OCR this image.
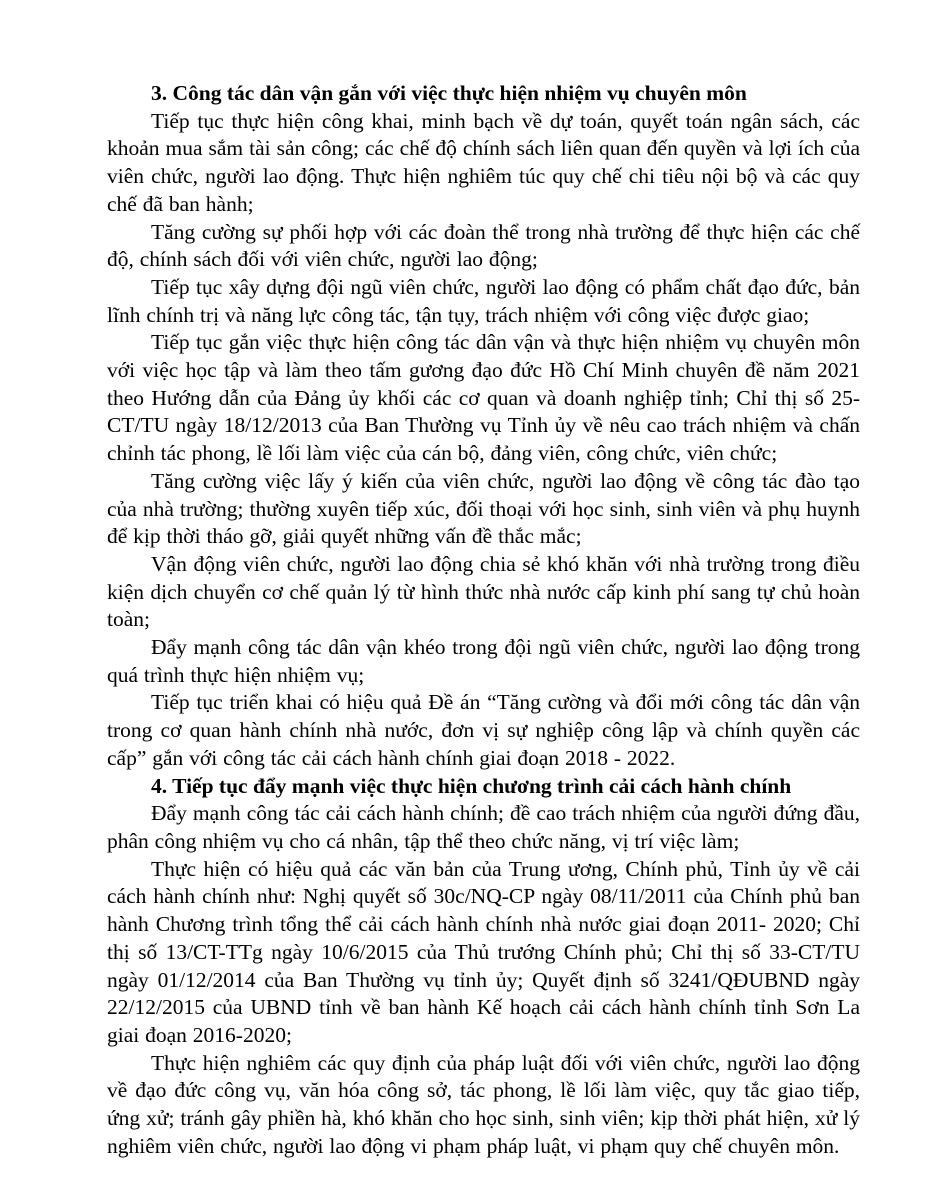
3. Công tác dân vận gắn với việc thực hiện nhiệm vụ chuyên môn

Tiếp tục thực hiện công khai, minh bạch về dự toán, quyết toán ngân sách, các khoản mua sắm tài sản công; các chế độ chính sách liên quan đến quyền và lợi ích của viên chức, người lao động. Thực hiện nghiêm túc quy chế chi tiêu nội bộ và các quy chế đã ban hành;

Tăng cường sự phối hợp với các đoàn thể trong nhà trường để thực hiện các chế độ, chính sách đối với viên chức, người lao động;

Tiếp tục xây dựng đội ngũ viên chức, người lao động có phẩm chất đạo đức, bản lĩnh chính trị và năng lực công tác, tận tụy, trách nhiệm với công việc được giao;

Tiếp tục gắn việc thực hiện công tác dân vận và thực hiện nhiệm vụ chuyên môn với việc học tập và làm theo tấm gương đạo đức Hồ Chí Minh chuyên đề năm 2021 theo Hướng dẫn của Đảng ủy khối các cơ quan và doanh nghiệp tỉnh; Chỉ thị số 25-CT/TU ngày 18/12/2013 của Ban Thường vụ Tỉnh ủy về nêu cao trách nhiệm và chấn chỉnh tác phong, lề lối làm việc của cán bộ, đảng viên, công chức, viên chức;

Tăng cường việc lấy ý kiến của viên chức, người lao động về công tác đào tạo của nhà trường; thường xuyên tiếp xúc, đối thoại với học sinh, sinh viên và phụ huynh để kịp thời tháo gỡ, giải quyết những vấn đề thắc mắc;

Vận động viên chức, người lao động chia sẻ khó khăn với nhà trường trong điều kiện dịch chuyển cơ chế quản lý từ hình thức nhà nước cấp kinh phí sang tự chủ hoàn toàn;

Đẩy mạnh công tác dân vận khéo trong đội ngũ viên chức, người lao động trong quá trình thực hiện nhiệm vụ;

Tiếp tục triển khai có hiệu quả Đề án “Tăng cường và đổi mới công tác dân vận trong cơ quan hành chính nhà nước, đơn vị sự nghiệp công lập và chính quyền các cấp” gắn với công tác cải cách hành chính giai đoạn 2018 - 2022.

4. Tiếp tục đẩy mạnh việc thực hiện chương trình cải cách hành chính

Đẩy mạnh công tác cải cách hành chính; đề cao trách nhiệm của người đứng đầu, phân công nhiệm vụ cho cá nhân, tập thể theo chức năng, vị trí việc làm;

Thực hiện có hiệu quả các văn bản của Trung ương, Chính phủ, Tỉnh ủy về cải cách hành chính như: Nghị quyết số 30c/NQ-CP ngày 08/11/2011 của Chính phủ ban hành Chương trình tổng thể cải cách hành chính nhà nước giai đoạn 2011- 2020; Chỉ thị số 13/CT-TTg ngày 10/6/2015 của Thủ trướng Chính phủ; Chỉ thị số 33-CT/TU ngày 01/12/2014 của Ban Thường vụ tỉnh ủy; Quyết định số 3241/QĐUBND ngày 22/12/2015 của UBND tỉnh về ban hành Kế hoạch cải cách hành chính tỉnh Sơn La giai đoạn 2016-2020;

Thực hiện nghiêm các quy định của pháp luật đối với viên chức, người lao động về đạo đức công vụ, văn hóa công sở, tác phong, lề lối làm việc, quy tắc giao tiếp, ứng xử; tránh gây phiền hà, khó khăn cho học sinh, sinh viên; kịp thời phát hiện, xử lý nghiêm viên chức, người lao động vi phạm pháp luật, vi phạm quy chế chuyên môn.
